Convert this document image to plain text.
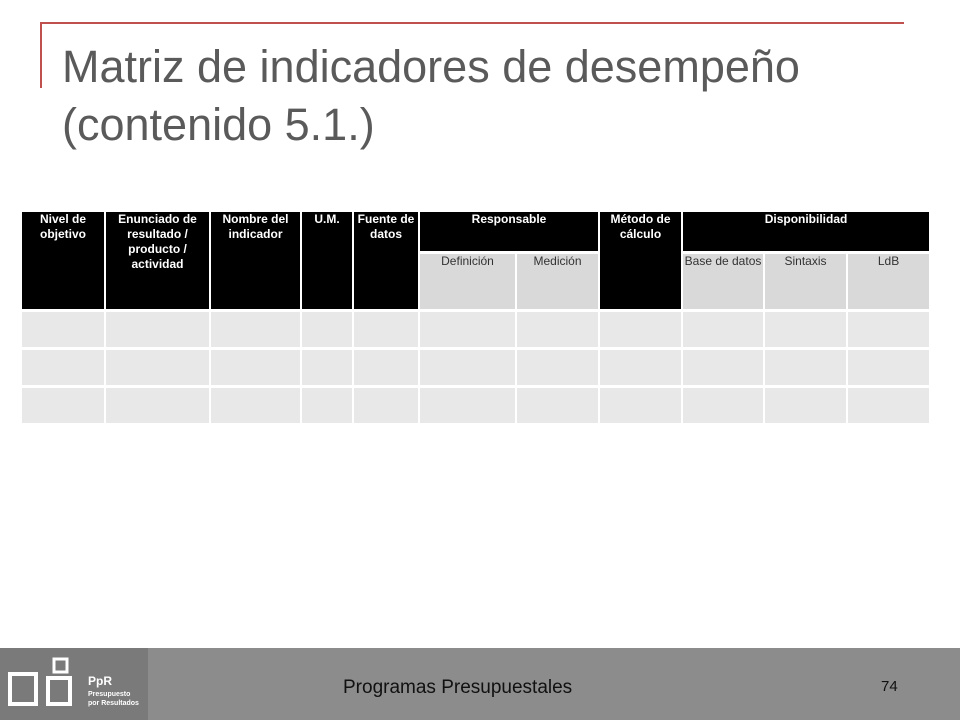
Matriz de indicadores de desempeño (contenido 5.1.)
Nivel de objetivo	Enunciado de resultado / producto / actividad	Nombre del indicador	U.M.	Fuente de datos	Responsable		Método de cálculo	Disponibilidad		
					Definición	Medición		Base de datos	Sintaxis	LdB

PpR
Presupuesto
por Resultados
Programas Presupuestales	74
